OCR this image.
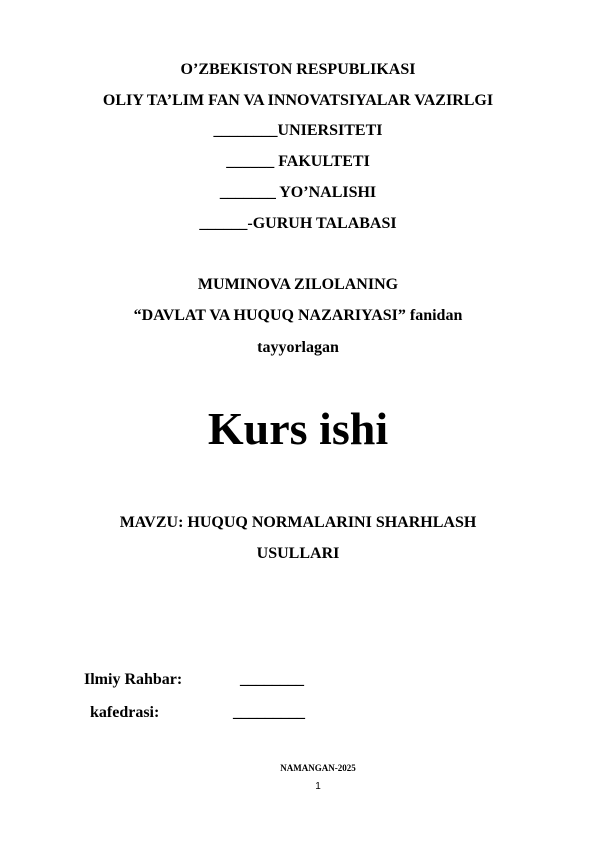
O’ZBEKISTON RESPUBLIKASI
OLIY TA’LIM FAN VA INNOVATSIYALAR VAZIRLGI
________UNIERSITETI
______ FAKULTETI
_______ YO’NALISHI
______-GURUH TALABASI
MUMINOVA ZILOLANING
“DAVLAT VA HUQUQ NAZARIYASI” fanidan
tayyorlagan
Kurs ishi
MAVZU: HUQUQ NORMALARINI SHARHLASH
USULLARI
Ilmiy Rahbar:	________
kafedrasi:	_________
NAMANGAN-2025
1
